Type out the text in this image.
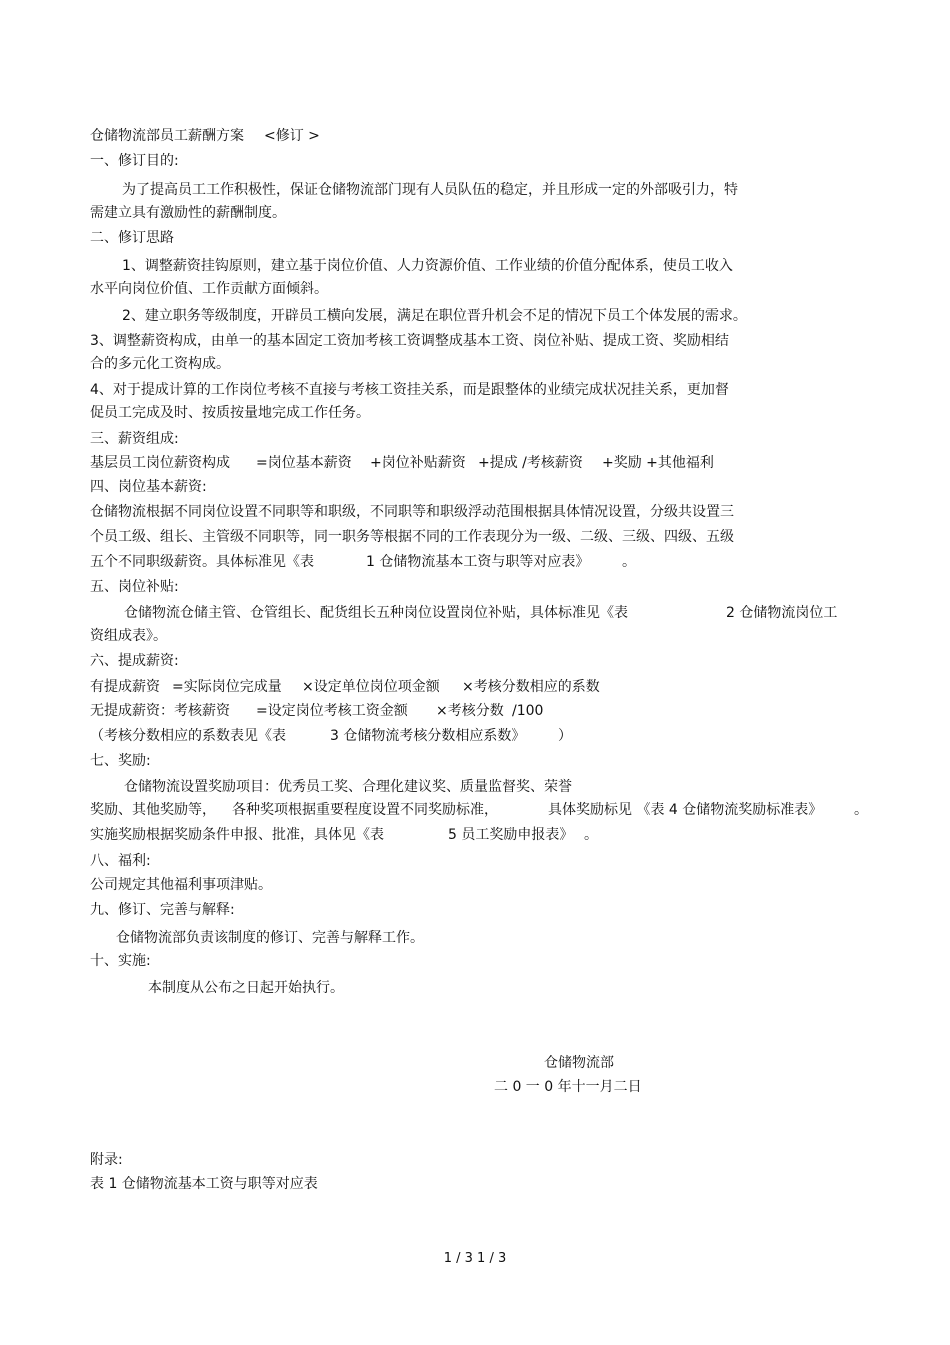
仓储物流部员工薪酬方案 <修订 >
一、修订目的:
为了提高员工工作积极性，保证仓储物流部门现有人员队伍的稳定，并且形成一定的外部吸引力，特
需建立具有激励性的薪酬制度。
二、修订思路
1、调整薪资挂钩原则，建立基于岗位价值、人力资源价值、工作业绩的价值分配体系，使员工收入
水平向岗位价值、工作贡献方面倾斜。
2、建立职务等级制度，开辟员工横向发展，满足在职位晋升机会不足的情况下员工个体发展的需求。
3、调整薪资构成，由单一的基本固定工资加考核工资调整成基本工资、岗位补贴、提成工资、奖励相结
合的多元化工资构成。
4、对于提成计算的工作岗位考核不直接与考核工资挂关系，而是跟整体的业绩完成状况挂关系，更加督
促员工完成及时、按质按量地完成工作任务。
三、薪资组成:
基层员工岗位薪资构成 =岗位基本薪资 +岗位补贴薪资 +提成 /考核薪资 +奖励 +其他福利
四、岗位基本薪资:
仓储物流根据不同岗位设置不同职等和职级，不同职等和职级浮动范围根据具体情况设置，分级共设置三
个员工级、组长、主管级不同职等，同一职务等根据不同的工作表现分为一级、二级、三级、四级、五级
五个不同职级薪资。具体标准见《表	1 仓储物流基本工资与职等对应表》 。
五、岗位补贴:
仓储物流仓储主管、仓管组长、配货组长五种岗位设置岗位补贴，具体标准见《表	2 仓储物流岗位工
资组成表》。
六、提成薪资:
有提成薪资 =实际岗位完成量 ×设定单位岗位项金额 ×考核分数相应的系数
无提成薪资：考核薪资 =设定岗位考核工资金额 ×考核分数 /100
（考核分数相应的系数表见《表	3 仓储物流考核分数相应系数》 ）
七、奖励:
仓储物流设置奖励项目：优秀员工奖、合理化建议奖、质量监督奖、荣誉
奖励、其他奖励等， 各种奖项根据重要程度设置不同奖励标准，	具体奖励标见 《表 4 仓储物流奖励标准表》 。
实施奖励根据奖励条件申报、批准，具体见《表	5 员工奖励申报表》 。
八、福利:
公司规定其他福利事项津贴。
九、修订、完善与解释:
仓储物流部负责该制度的修订、完善与解释工作。
十、实施:
本制度从公布之日起开始执行。
仓储物流部
二 0 一 0 年十一月二日
附录:
表 1 仓储物流基本工资与职等对应表
1 / 3 1 / 3
